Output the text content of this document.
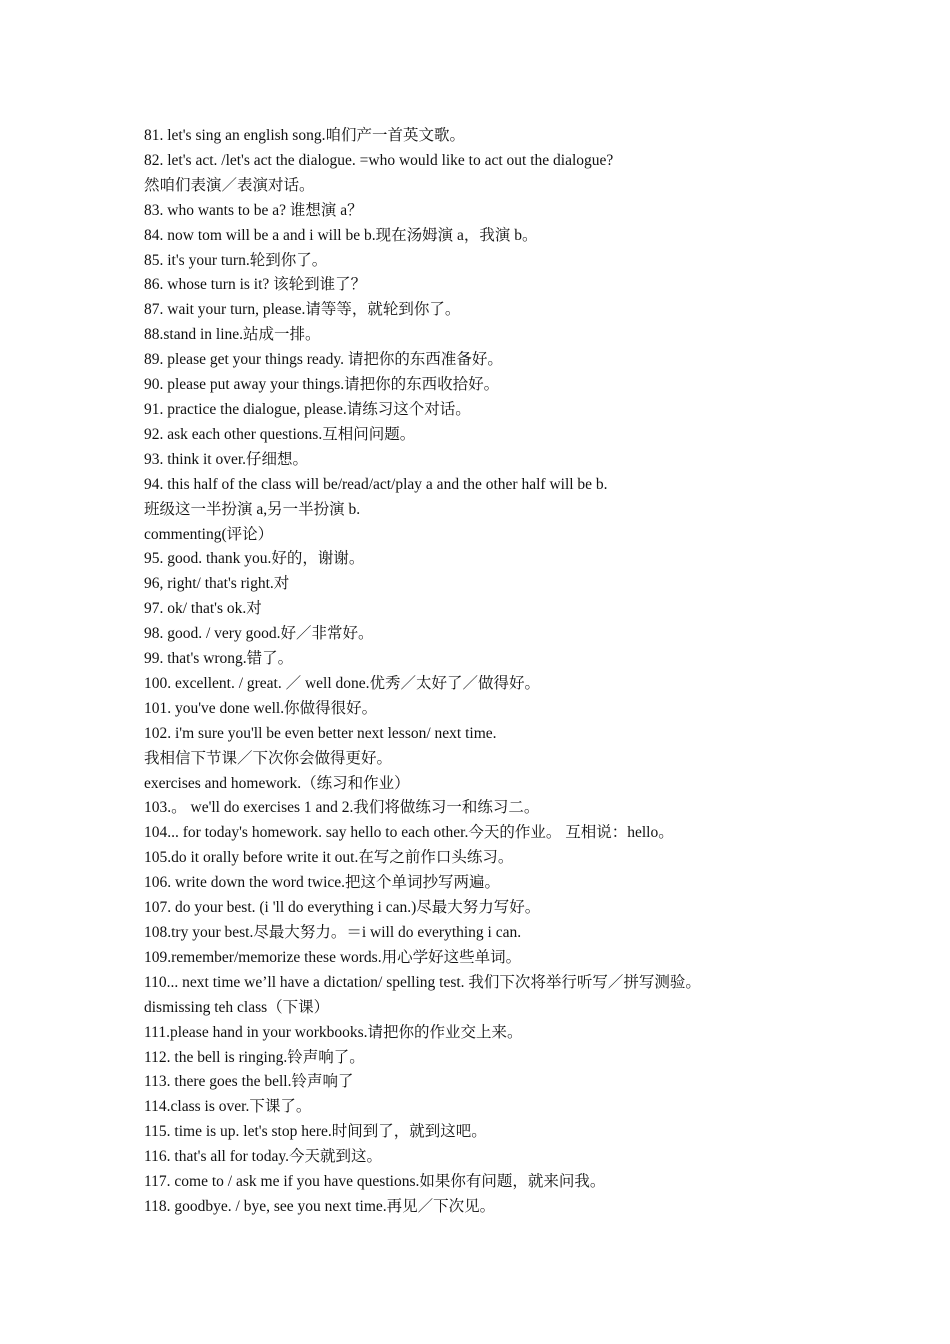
81. let's sing an english song.咱们产一首英文歌。

82. let's act. /let's act the dialogue. =who would like to act out the dialogue?

然咱们表演／表演对话。

83. who wants to be a? 谁想演 a？

84. now tom will be a and i will be b.现在汤姆演 a，我演 b。

85. it's your turn.轮到你了。

86. whose turn is it? 该轮到谁了？

87. wait your turn, please.请等等，就轮到你了。

88.stand in line.站成一排。

89. please get your things ready. 请把你的东西准备好。

90. please put away your things.请把你的东西收拾好。

91. practice the dialogue, please.请练习这个对话。

92. ask each other questions.互相问问题。

93. think it over.仔细想。

94. this half of the class will be/read/act/play a and the other half will be b.

班级这一半扮演 a,另一半扮演 b.

commenting(评论）

95. good. thank you.好的，谢谢。

96, right/ that's right.对

97. ok/ that's ok.对

98. good. / very good.好／非常好。

99. that's wrong.错了。

100. excellent. / great. ／ well done.优秀／太好了／做得好。

101. you've done well.你做得很好。

102. i'm sure you'll be even better next lesson/ next time.

我相信下节课／下次你会做得更好。

exercises and homework.（练习和作业）

103.。 we'll do exercises 1 and 2.我们将做练习一和练习二。

104... for today's homework. say hello to each other.今天的作业。 互相说：hello。

105.do it orally before write it out.在写之前作口头练习。

106. write down the word twice.把这个单词抄写两遍。

107. do your best. (i 'll do everything i can.)尽最大努力写好。

108.try your best.尽最大努力。＝i will do everything i can.

109.remember/memorize these words.用心学好这些单词。

110... next time we’ll have a dictation/ spelling test. 我们下次将举行听写／拼写测验。

dismissing teh class（下课）

111.please hand in your workbooks.请把你的作业交上来。

112. the bell is ringing.铃声响了。

113. there goes the bell.铃声响了

114.class is over.下课了。

115. time is up. let's stop here.时间到了，就到这吧。

116. that's all for today.今天就到这。

117. come to / ask me if you have questions.如果你有问题，就来问我。

118. goodbye. / bye, see you next time.再见／下次见。
